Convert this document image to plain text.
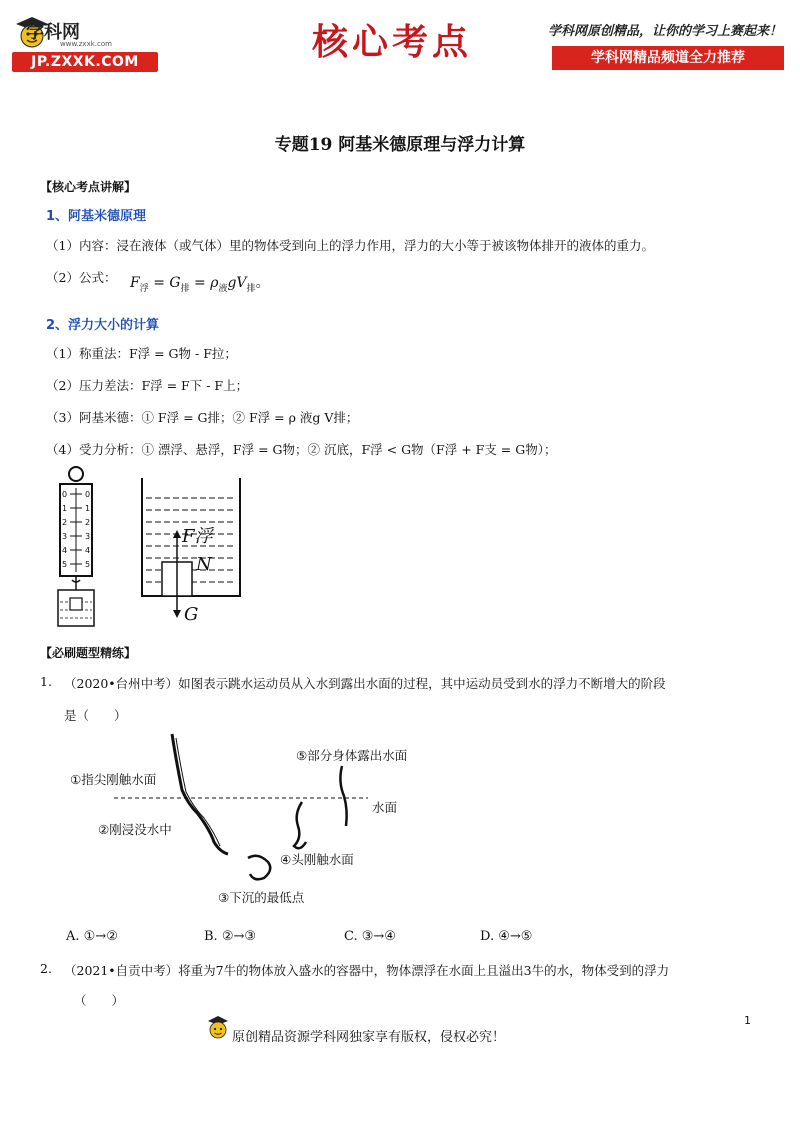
学科网
www.zxxk.com
JP.ZXXK.COM	核心考点	学科网原创精品，让你的学习上赛起来！
学科网精品频道全力推荐
专题19 阿基米德原理与浮力计算
【核心考点讲解】
1、阿基米德原理
（1）内容：浸在液体（或气体）里的物体受到向上的浮力作用，浮力的大小等于被该物体排开的液体的重力。
（2）公式： $F_浮 = G_排 = \rho_液gV_排$。
2、浮力大小的计算
（1）称重法：F浮 = G物 - F拉；
（2）压力差法：F浮 = F下 - F上；
（3）阿基米德：① F浮 = G排；② F浮 = ρ 液g V排；
（4）受力分析：① 漂浮、悬浮，F浮 = G物；② 沉底，F浮 < G物（F浮 + F支 = G物）；
0
1
2
3
4
5
0
1
2
3
4
5
F浮
N
G
【必刷题型精练】
1. （2020•台州中考）如图表示跳水运动员从入水到露出水面的过程，其中运动员受到水的浮力不断增大的阶段
是（　　）
①指尖刚触水面
②刚浸没水中
③下沉的最低点
④头刚触水面
⑤部分身体露出水面
水面
A. ①→②	B. ②→③	C. ③→④	D. ④→⑤
2. （2021•自贡中考）将重为7牛的物体放入盛水的容器中，物体漂浮在水面上且溢出3牛的水，物体受到的浮力
（　　）
1
原创精品资源学科网独家享有版权，侵权必究！
